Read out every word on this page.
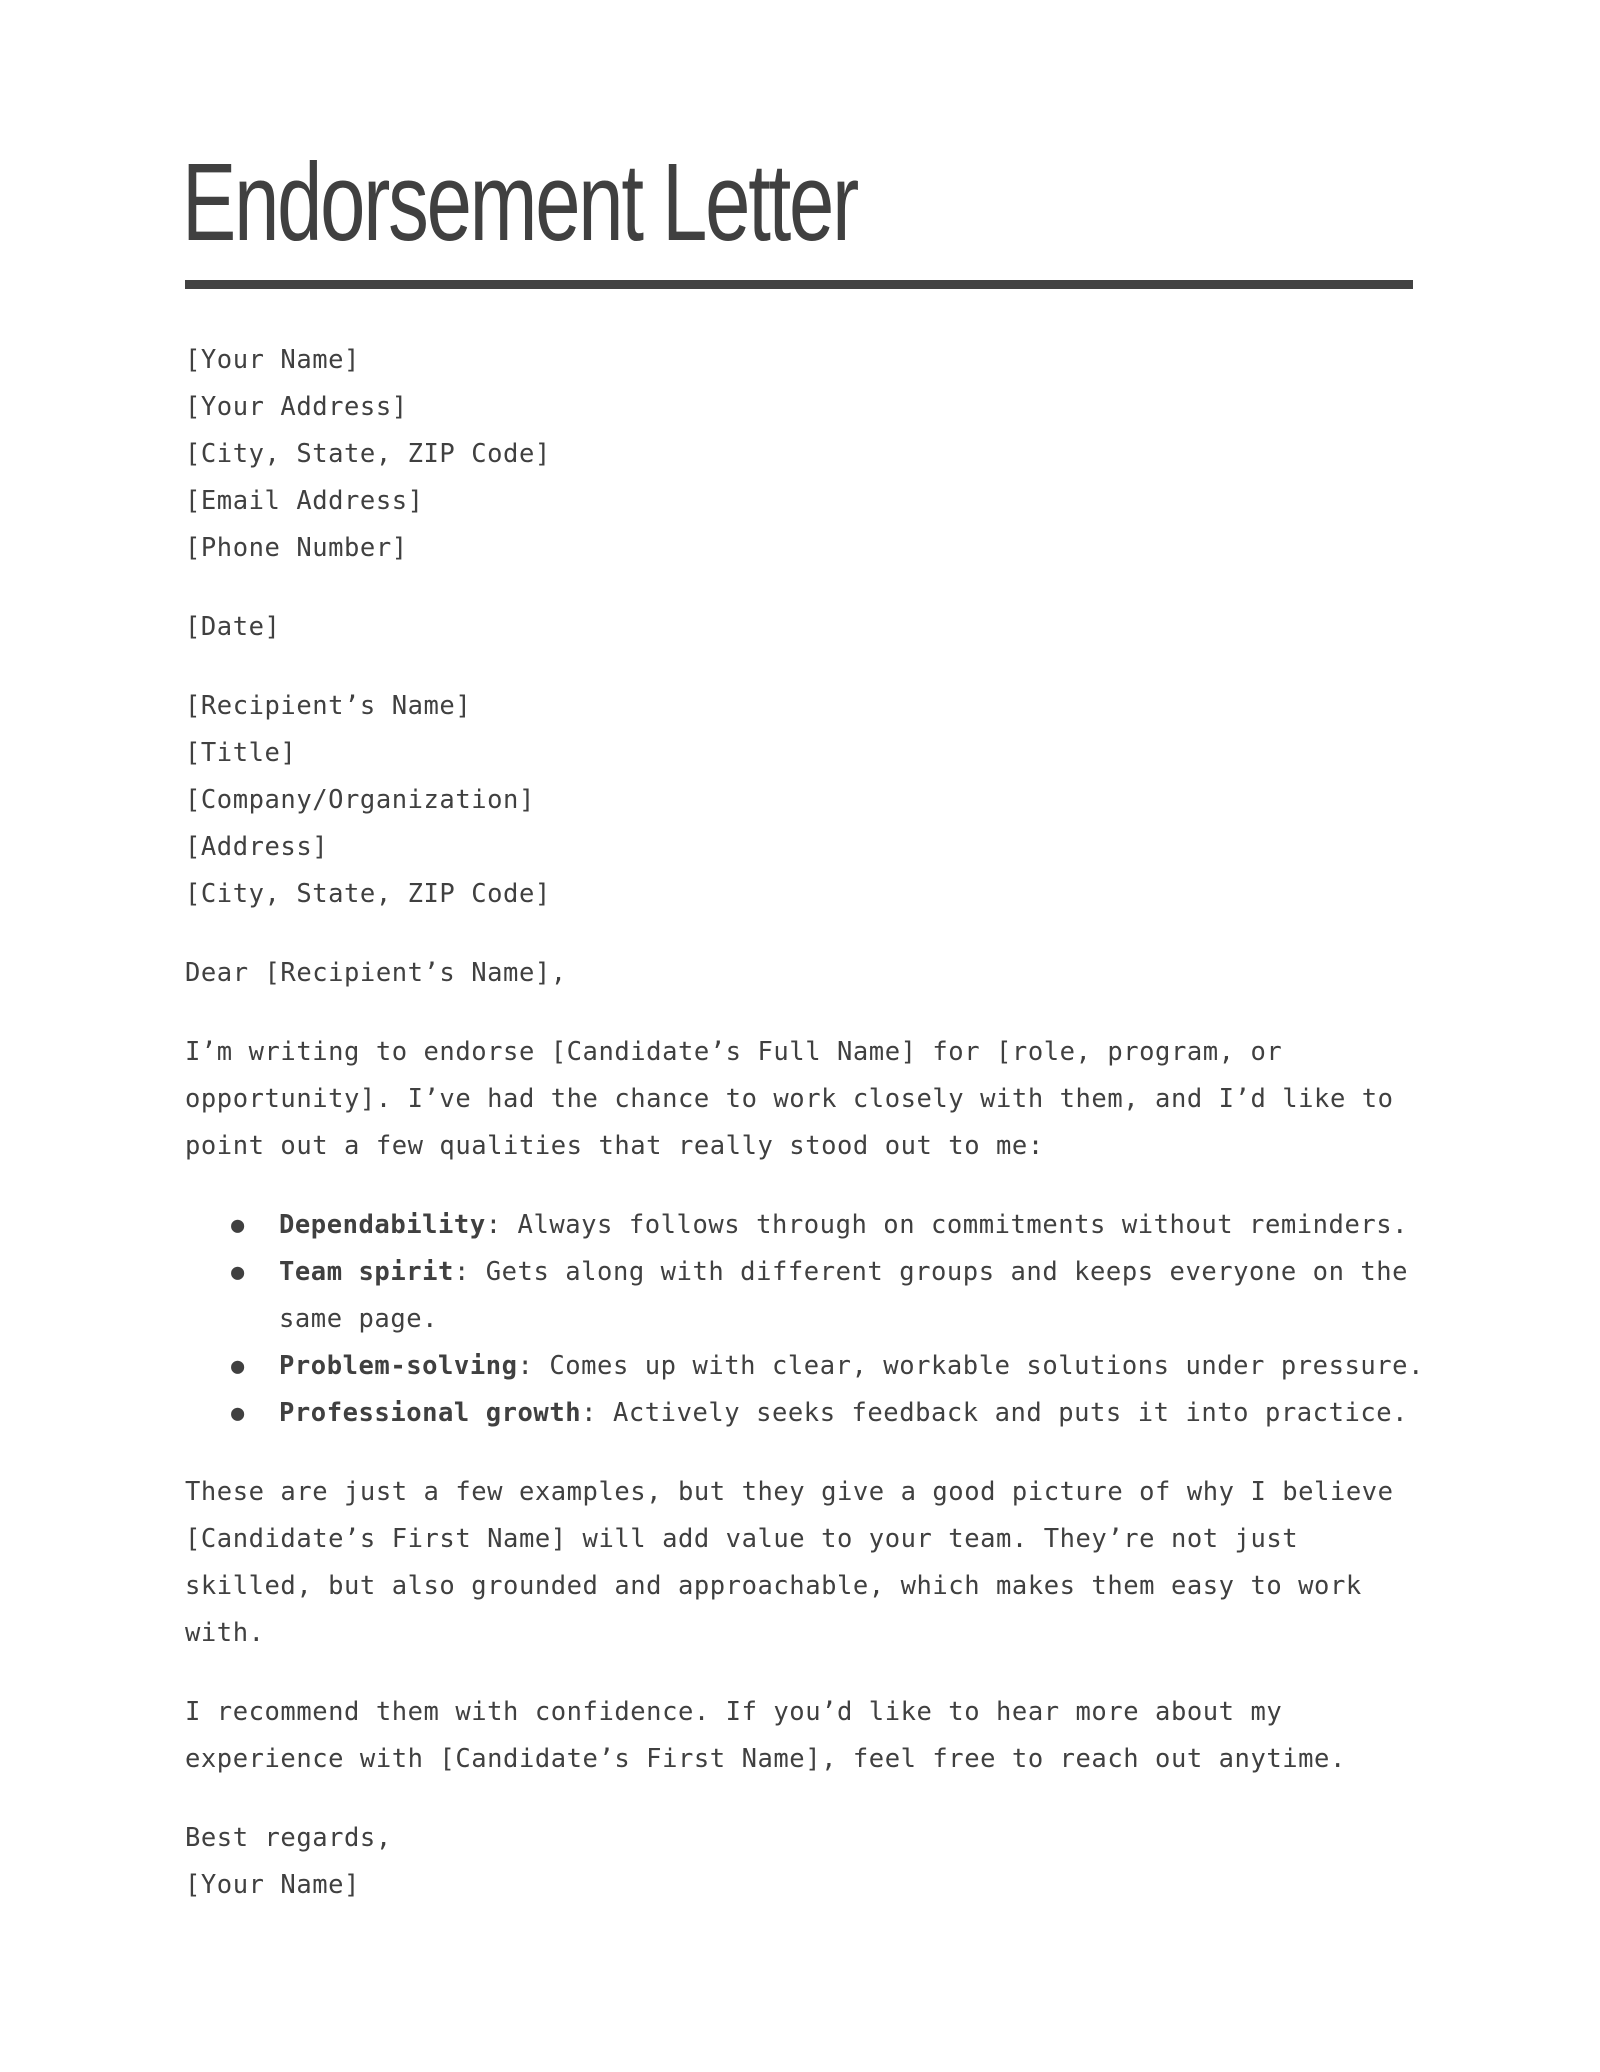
Endorsement Letter
[Your Name]
[Your Address]
[City, State, ZIP Code]
[Email Address]
[Phone Number]
[Date]
[Recipient’s Name]
[Title]
[Company/Organization]
[Address]
[City, State, ZIP Code]
Dear [Recipient’s Name],

I’m writing to endorse [Candidate’s Full Name] for [role, program, or opportunity]. I’ve had the chance to work closely with them, and I’d like to point out a few qualities that really stood out to me:

● Dependability: Always follows through on commitments without reminders.
● Team spirit: Gets along with different groups and keeps everyone on the same page.
● Problem-solving: Comes up with clear, workable solutions under pressure.
● Professional growth: Actively seeks feedback and puts it into practice.

These are just a few examples, but they give a good picture of why I believe [Candidate’s First Name] will add value to your team. They’re not just skilled, but also grounded and approachable, which makes them easy to work with.

I recommend them with confidence. If you’d like to hear more about my experience with [Candidate’s First Name], feel free to reach out anytime.

Best regards,
[Your Name]
